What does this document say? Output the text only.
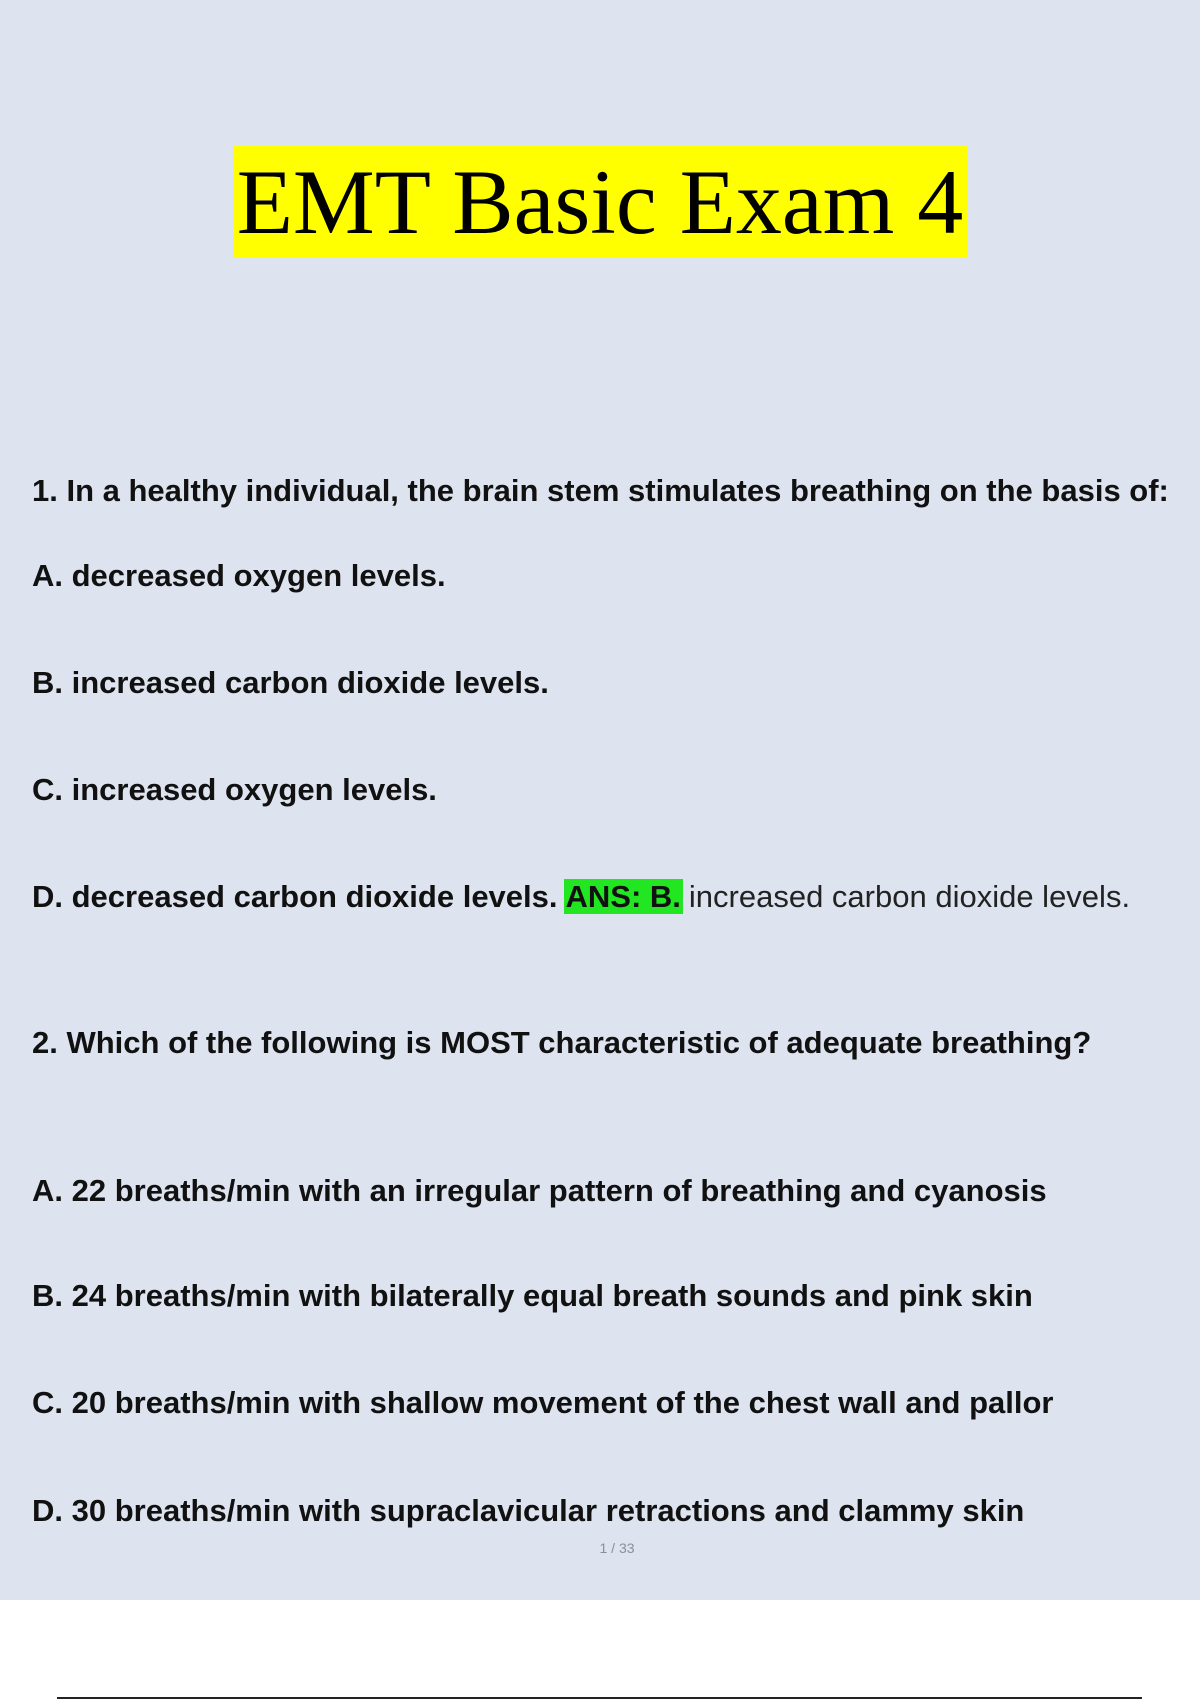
EMT Basic Exam 4
1. In a healthy individual, the brain stem stimulates breathing on the basis of:
A. decreased oxygen levels.
B. increased carbon dioxide levels.
C. increased oxygen levels.
D. decreased carbon dioxide levels. ANS: B. increased carbon dioxide levels.
2. Which of the following is MOST characteristic of adequate breathing?
A. 22 breaths/min with an irregular pattern of breathing and cyanosis
B. 24 breaths/min with bilaterally equal breath sounds and pink skin
C. 20 breaths/min with shallow movement of the chest wall and pallor
D. 30 breaths/min with supraclavicular retractions and clammy skin
1 / 33
